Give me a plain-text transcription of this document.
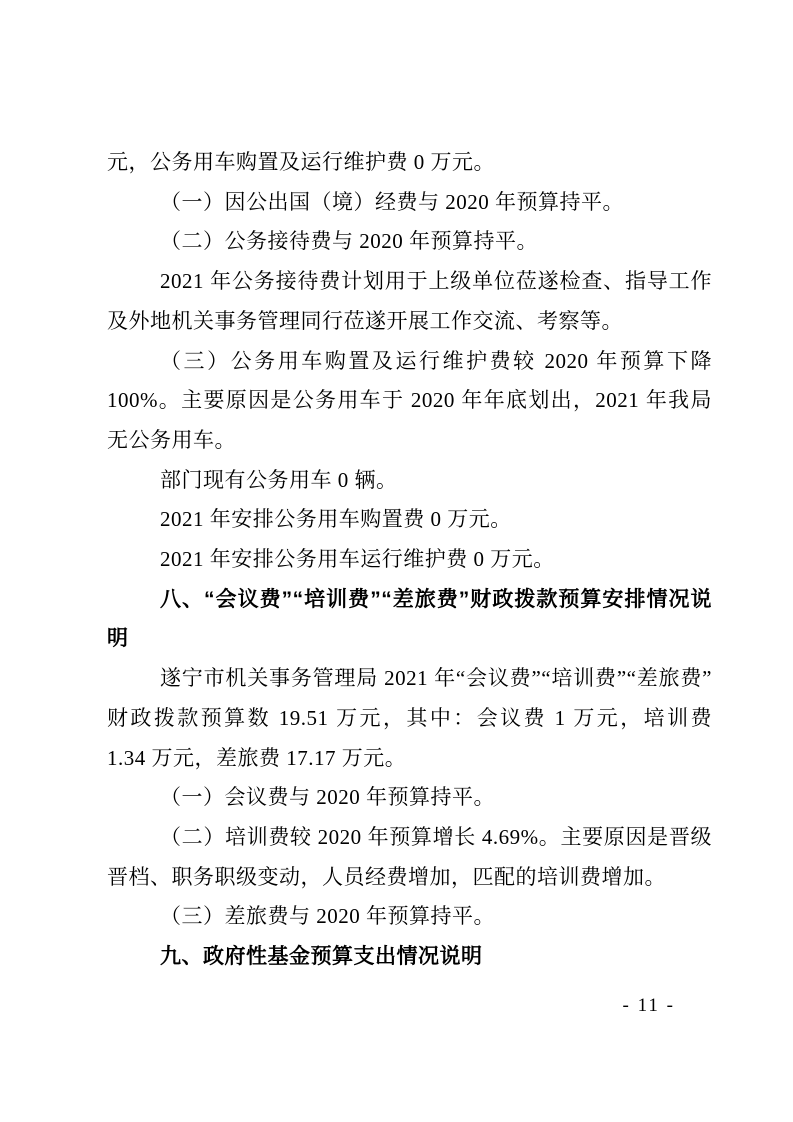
元，公务用车购置及运行维护费 0 万元。
（一）因公出国（境）经费与 2020 年预算持平。
（二）公务接待费与 2020 年预算持平。
2021 年公务接待费计划用于上级单位莅遂检查、指导工作
及外地机关事务管理同行莅遂开展工作交流、考察等。
（三）公务用车购置及运行维护费较 2020 年预算下降
100%。主要原因是公务用车于 2020 年年底划出，2021 年我局
无公务用车。
部门现有公务用车 0 辆。
2021 年安排公务用车购置费 0 万元。
2021 年安排公务用车运行维护费 0 万元。
八、“会议费”“培训费”“差旅费”财政拨款预算安排情况说
明
遂宁市机关事务管理局 2021 年“会议费”“培训费”“差旅费”
财政拨款预算数 19.51 万元，其中：会议费 1 万元，培训费
1.34 万元，差旅费 17.17 万元。
（一）会议费与 2020 年预算持平。
（二）培训费较 2020 年预算增长 4.69%。主要原因是晋级
晋档、职务职级变动，人员经费增加，匹配的培训费增加。
（三）差旅费与 2020 年预算持平。
九、政府性基金预算支出情况说明
- 11 -
